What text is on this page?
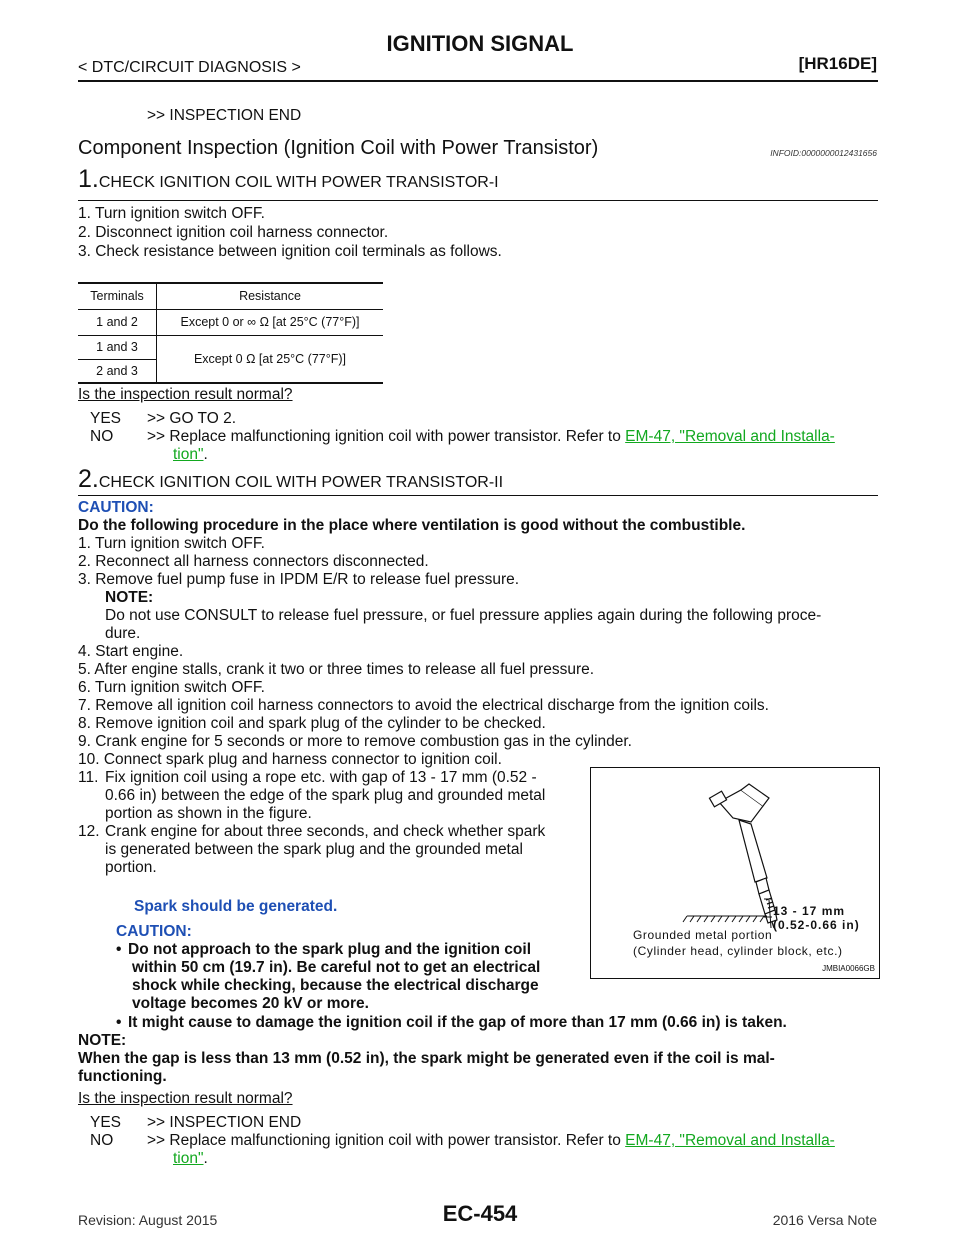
IGNITION SIGNAL
< DTC/CIRCUIT DIAGNOSIS >	[HR16DE]
>> INSPECTION END
Component Inspection (Ignition Coil with Power Transistor)	INFOID:0000000012431656
1.CHECK IGNITION COIL WITH POWER TRANSISTOR-I
1. Turn ignition switch OFF.
2. Disconnect ignition coil harness connector.
3. Check resistance between ignition coil terminals as follows.
Terminals	Resistance
1 and 2	Except 0 or ∞ Ω [at 25°C (77°F)]
1 and 3	Except 0 Ω [at 25°C (77°F)]
2 and 3	
Is the inspection result normal?
YES >> GO TO 2.
NO >> Replace malfunctioning ignition coil with power transistor. Refer to EM-47, "Removal and Installa-
tion".
2.CHECK IGNITION COIL WITH POWER TRANSISTOR-II
CAUTION:
Do the following procedure in the place where ventilation is good without the combustible.
1. Turn ignition switch OFF.
2. Reconnect all harness connectors disconnected.
3. Remove fuel pump fuse in IPDM E/R to release fuel pressure.
NOTE:
Do not use CONSULT to release fuel pressure, or fuel pressure applies again during the following proce-
dure.
4. Start engine.
5. After engine stalls, crank it two or three times to release all fuel pressure.
6. Turn ignition switch OFF.
7. Remove all ignition coil harness connectors to avoid the electrical discharge from the ignition coils.
8. Remove ignition coil and spark plug of the cylinder to be checked.
9. Crank engine for 5 seconds or more to remove combustion gas in the cylinder.
10. Connect spark plug and harness connector to ignition coil.
11. Fix ignition coil using a rope etc. with gap of 13 - 17 mm (0.52 -
0.66 in) between the edge of the spark plug and grounded metal
portion as shown in the figure.
12. Crank engine for about three seconds, and check whether spark
is generated between the spark plug and the grounded metal
portion.
Spark should be generated.
CAUTION:
• Do not approach to the spark plug and the ignition coil
within 50 cm (19.7 in). Be careful not to get an electrical
shock while checking, because the electrical discharge
voltage becomes 20 kV or more.
• It might cause to damage the ignition coil if the gap of more than 17 mm (0.66 in) is taken.
NOTE:
When the gap is less than 13 mm (0.52 in), the spark might be generated even if the coil is mal-
functioning.
Is the inspection result normal?
YES >> INSPECTION END
NO >> Replace malfunctioning ignition coil with power transistor. Refer to EM-47, "Removal and Installa-
tion".
13 - 17 mm
(0.52-0.66 in)
Grounded metal portion
(Cylinder head, cylinder block, etc.)
JMBIA0066GB
Revision: August 2015	EC-454	2016 Versa Note
